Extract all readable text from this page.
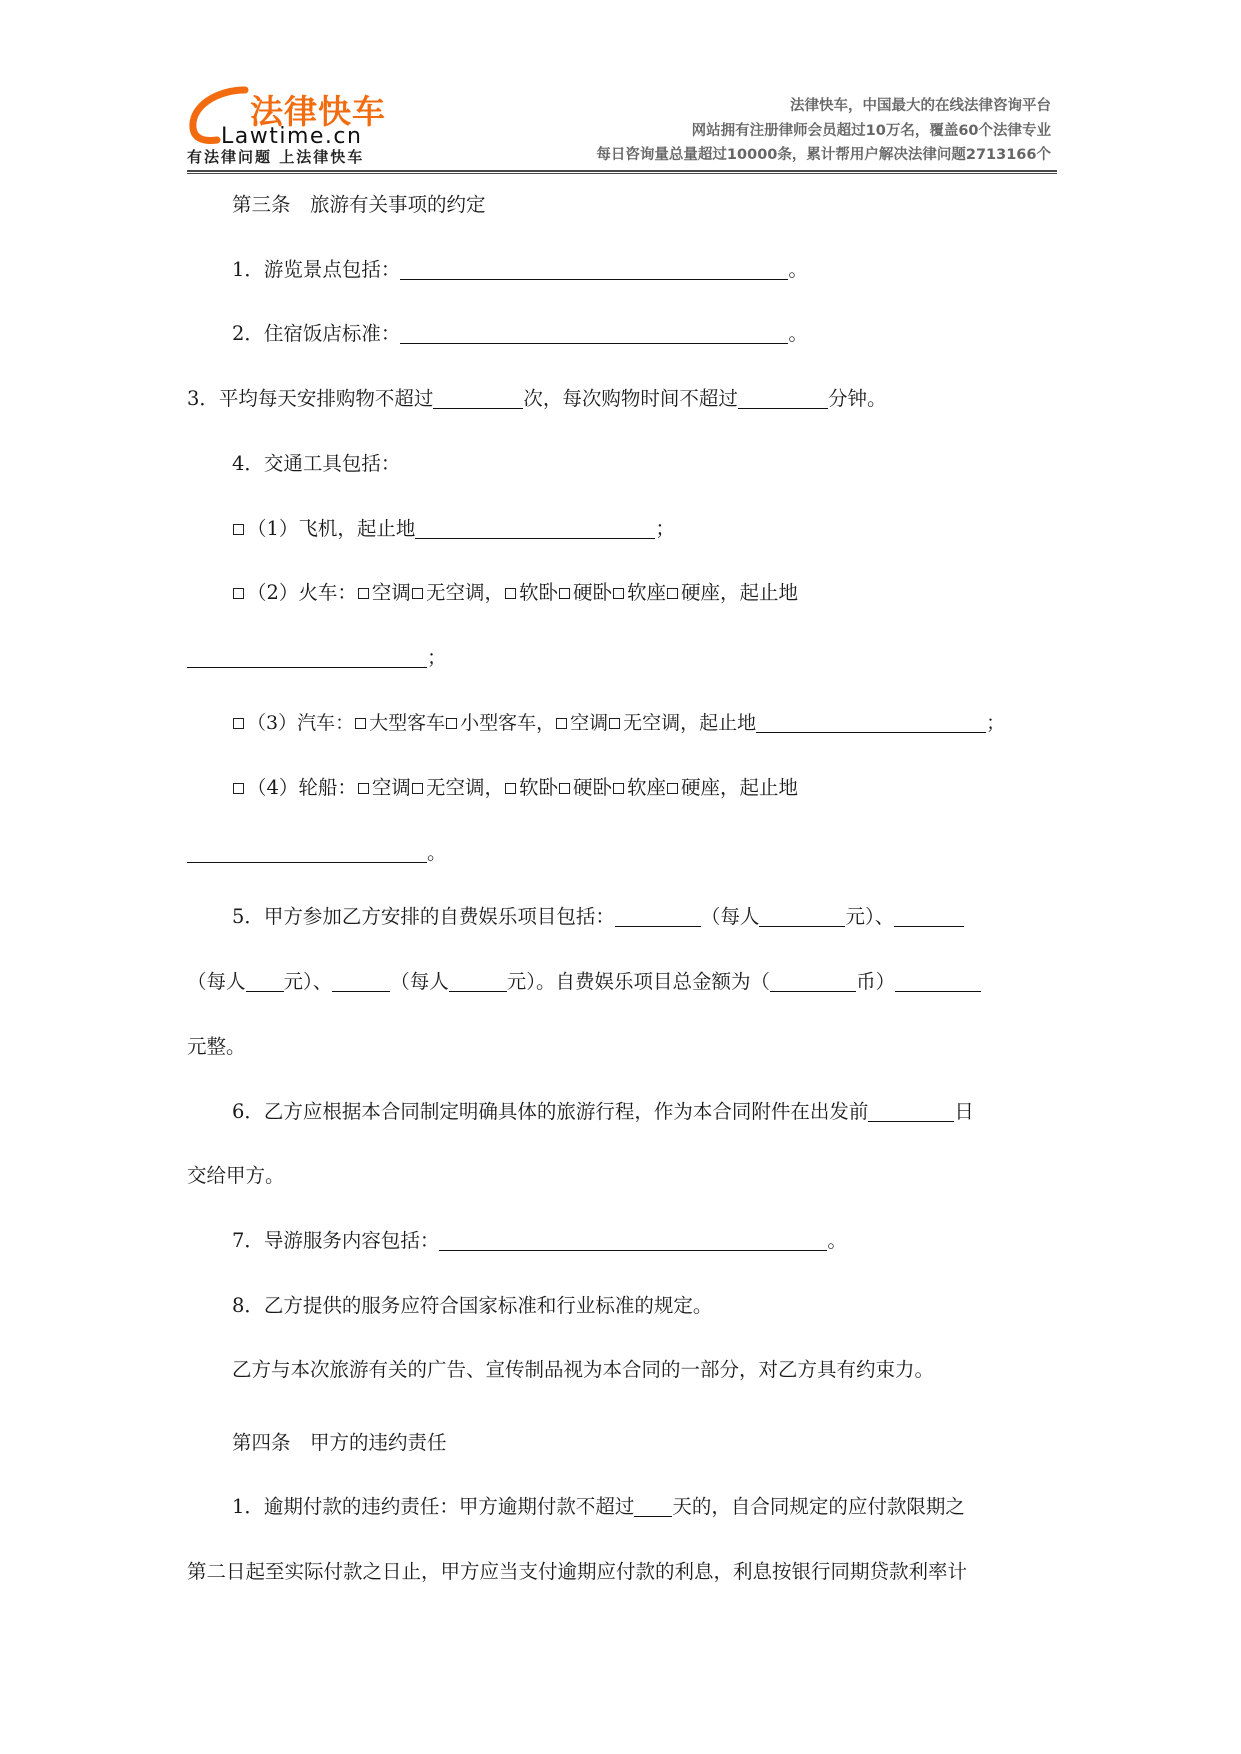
法律快车
Lawtime.cn
有法律问题 上法律快车
法律快车，中国最大的在线法律咨询平台
网站拥有注册律师会员超过10万名，覆盖60个法律专业
每日咨询量总量超过10000条，累计帮用户解决法律问题2713166个
第三条　旅游有关事项的约定
1．游览景点包括：	。
2．住宿饭店标准：	。
3．平均每天安排购物不超过	次，每次购物时间不超过	分钟。
4．交通工具包括：
（1）飞机，起止地	；
（2）火车： 空调 无空调， 软卧 硬卧 软座 硬座，起止地
；
（3）汽车： 大型客车 小型客车， 空调 无空调，起止地	；
（4）轮船： 空调 无空调， 软卧 硬卧 软座 硬座，起止地
。
5．甲方参加乙方安排的自费娱乐项目包括：	（每人	元）、
（每人 元）、	（每人	元）。自费娱乐项目总金额为（	币）
元整。
6．乙方应根据本合同制定明确具体的旅游行程，作为本合同附件在出发前	日
交给甲方。
7．导游服务内容包括：	。
8．乙方提供的服务应符合国家标准和行业标准的规定。
乙方与本次旅游有关的广告、宣传制品视为本合同的一部分，对乙方具有约束力。
第四条　甲方的违约责任
1．逾期付款的违约责任：甲方逾期付款不超过 天的，自合同规定的应付款限期之
第二日起至实际付款之日止，甲方应当支付逾期应付款的利息，利息按银行同期贷款利率计
